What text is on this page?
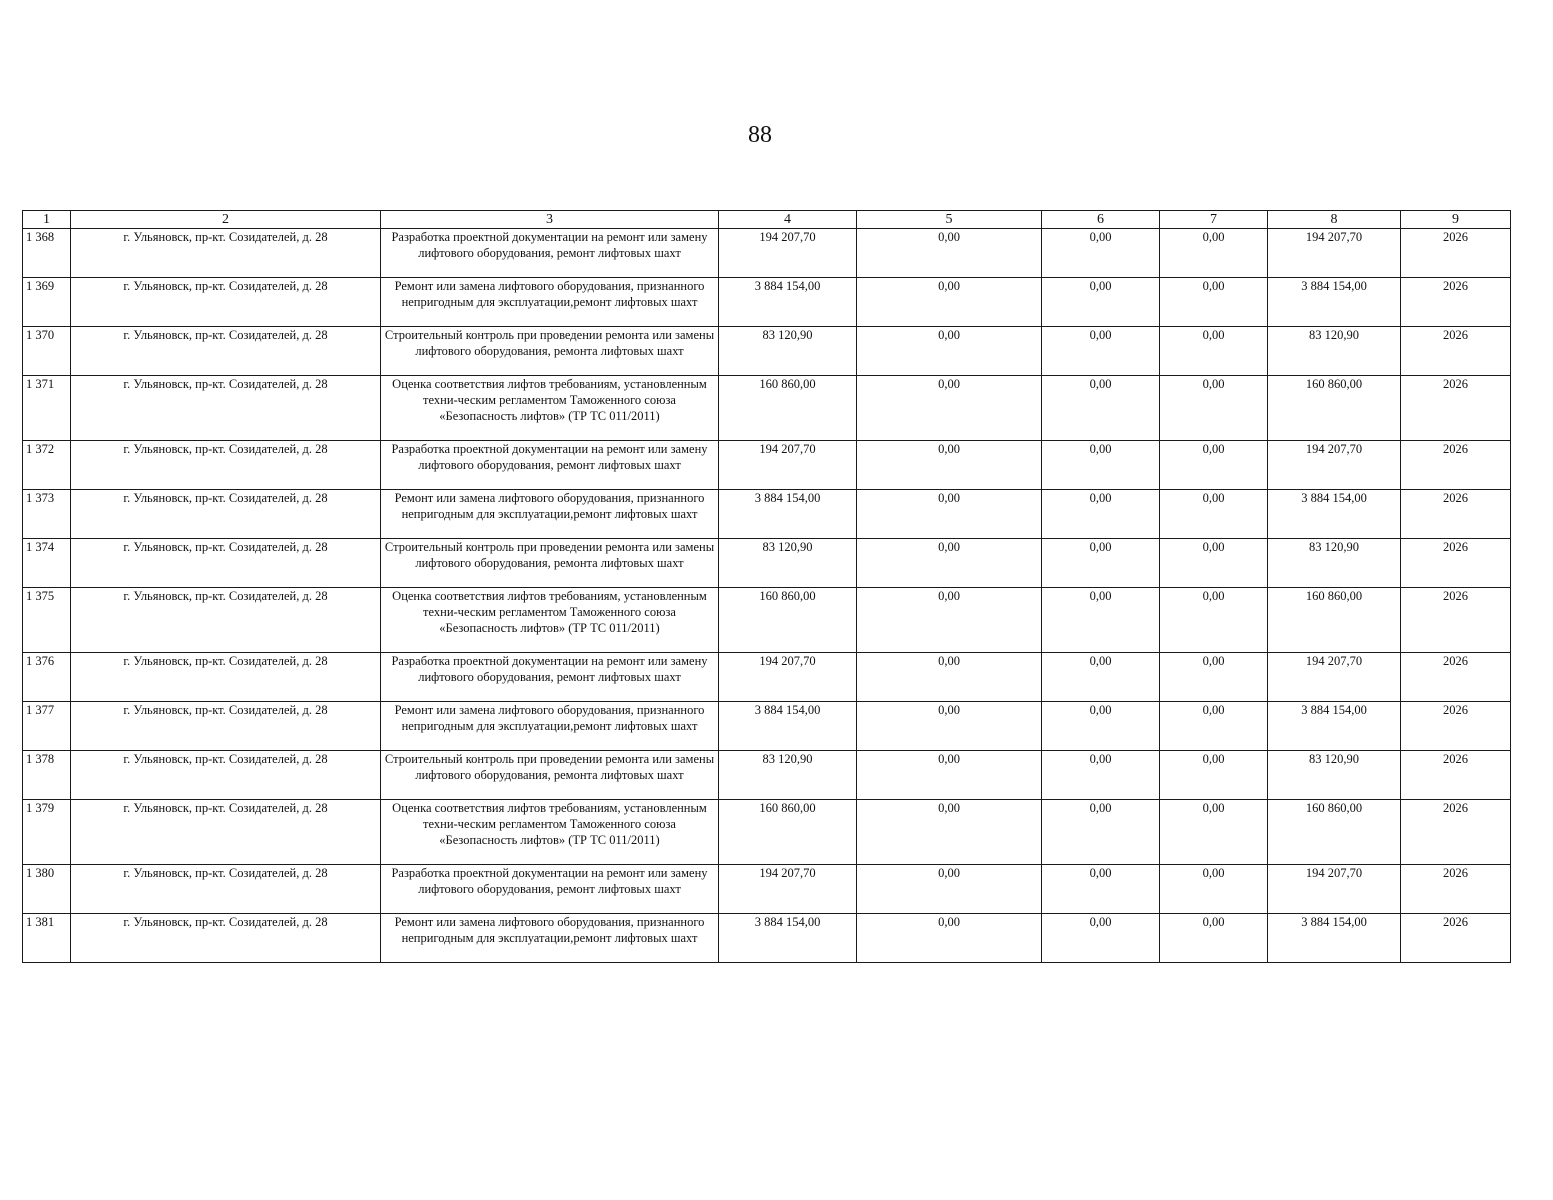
88
1	2	3	4	5	6	7	8	9
1 368	г. Ульяновск, пр-кт. Созидателей, д. 28	Разработка проектной документации на ремонт или замену лифтового оборудования, ремонт лифтовых шахт	194 207,70	0,00	0,00	0,00	194 207,70	2026
1 369	г. Ульяновск, пр-кт. Созидателей, д. 28	Ремонт или замена лифтового оборудования, признанного непригодным для эксплуатации,ремонт лифтовых шахт	3 884 154,00	0,00	0,00	0,00	3 884 154,00	2026
1 370	г. Ульяновск, пр-кт. Созидателей, д. 28	Строительный контроль при проведении ремонта или замены лифтового оборудования, ремонта лифтовых шахт	83 120,90	0,00	0,00	0,00	83 120,90	2026
1 371	г. Ульяновск, пр-кт. Созидателей, д. 28	Оценка соответствия лифтов требованиям, установленным техни-ческим регламентом Таможенного союза «Безопасность лифтов» (ТР ТС 011/2011)	160 860,00	0,00	0,00	0,00	160 860,00	2026
1 372	г. Ульяновск, пр-кт. Созидателей, д. 28	Разработка проектной документации на ремонт или замену лифтового оборудования, ремонт лифтовых шахт	194 207,70	0,00	0,00	0,00	194 207,70	2026
1 373	г. Ульяновск, пр-кт. Созидателей, д. 28	Ремонт или замена лифтового оборудования, признанного непригодным для эксплуатации,ремонт лифтовых шахт	3 884 154,00	0,00	0,00	0,00	3 884 154,00	2026
1 374	г. Ульяновск, пр-кт. Созидателей, д. 28	Строительный контроль при проведении ремонта или замены лифтового оборудования, ремонта лифтовых шахт	83 120,90	0,00	0,00	0,00	83 120,90	2026
1 375	г. Ульяновск, пр-кт. Созидателей, д. 28	Оценка соответствия лифтов требованиям, установленным техни-ческим регламентом Таможенного союза «Безопасность лифтов» (ТР ТС 011/2011)	160 860,00	0,00	0,00	0,00	160 860,00	2026
1 376	г. Ульяновск, пр-кт. Созидателей, д. 28	Разработка проектной документации на ремонт или замену лифтового оборудования, ремонт лифтовых шахт	194 207,70	0,00	0,00	0,00	194 207,70	2026
1 377	г. Ульяновск, пр-кт. Созидателей, д. 28	Ремонт или замена лифтового оборудования, признанного непригодным для эксплуатации,ремонт лифтовых шахт	3 884 154,00	0,00	0,00	0,00	3 884 154,00	2026
1 378	г. Ульяновск, пр-кт. Созидателей, д. 28	Строительный контроль при проведении ремонта или замены лифтового оборудования, ремонта лифтовых шахт	83 120,90	0,00	0,00	0,00	83 120,90	2026
1 379	г. Ульяновск, пр-кт. Созидателей, д. 28	Оценка соответствия лифтов требованиям, установленным техни-ческим регламентом Таможенного союза «Безопасность лифтов» (ТР ТС 011/2011)	160 860,00	0,00	0,00	0,00	160 860,00	2026
1 380	г. Ульяновск, пр-кт. Созидателей, д. 28	Разработка проектной документации на ремонт или замену лифтового оборудования, ремонт лифтовых шахт	194 207,70	0,00	0,00	0,00	194 207,70	2026
1 381	г. Ульяновск, пр-кт. Созидателей, д. 28	Ремонт или замена лифтового оборудования, признанного непригодным для эксплуатации,ремонт лифтовых шахт	3 884 154,00	0,00	0,00	0,00	3 884 154,00	2026
